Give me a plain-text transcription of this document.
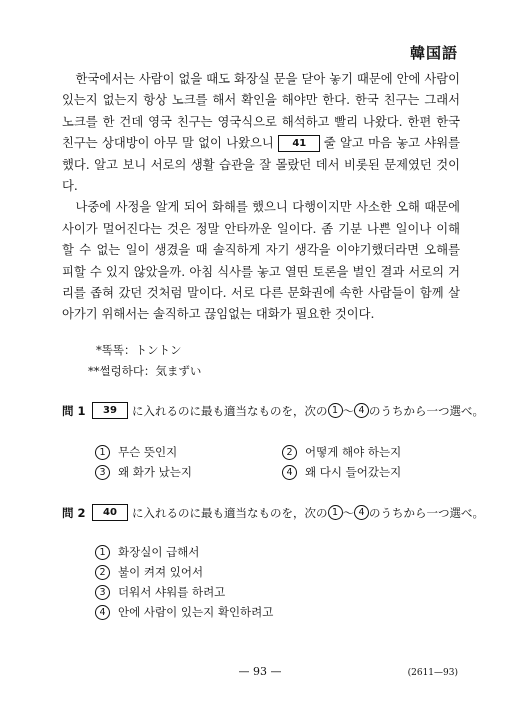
韓国語

한국에서는 사람이 없을 때도 화장실 문을 닫아 놓기 때문에 안에 사람이 있는지 없는지 항상 노크를 해서 확인을 해야만 한다. 한국 친구는 그래서 노크를 한 건데 영국 친구는 영국식으로 해석하고 빨리 나왔다. 한편 한국 친구는 상대방이 아무 말 없이 나왔으니 41 줄 알고 마음 놓고 샤워를 했다. 알고 보니 서로의 생활 습관을 잘 몰랐던 데서 비롯된 문제였던 것이다.

나중에 사정을 알게 되어 화해를 했으니 다행이지만 사소한 오해 때문에 사이가 멀어진다는 것은 정말 안타까운 일이다. 좀 기분 나쁜 일이나 이해할 수 없는 일이 생겼을 때 솔직하게 자기 생각을 이야기했더라면 오해를 피할 수 있지 않았을까. 아침 식사를 놓고 열띤 토론을 벌인 결과 서로의 거리를 좁혀 갔던 것처럼 말이다. 서로 다른 문화권에 속한 사람들이 함께 살아가기 위해서는 솔직하고 끊임없는 대화가 필요한 것이다.

*똑똑：トントン
**썰렁하다：気まずい
問 1	39	に入れるのに最も適当なものを，次の 1 ～ 4 のうちから一つ選べ。
1	무슨 뜻인지	2	어떻게 해야 하는지
3	왜 화가 났는지	4	왜 다시 들어갔는지
問 2	40	に入れるのに最も適当なものを，次の 1 ～ 4 のうちから一つ選べ。
1	화장실이 급해서
2	불이 켜져 있어서
3	더워서 샤워를 하려고
4	안에 사람이 있는지 확인하려고
— 93 —	(2611—93)
